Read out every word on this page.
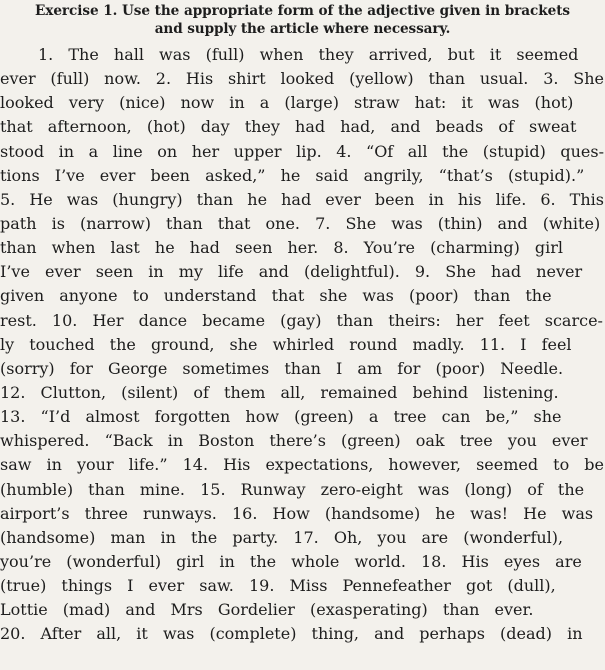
Exercise 1. Use the appropriate form of the adjective given in brackets
and supply the article where necessary.
1. The hall was (full) when they arrived, but it seemed
ever (full) now. 2. His shirt looked (yellow) than usual. 3. She
looked very (nice) now in a (large) straw hat: it was (hot)
that afternoon, (hot) day they had had, and beads of sweat
stood in a line on her upper lip. 4. “Of all the (stupid) ques-
tions I’ve ever been asked,” he said angrily, “that’s (stupid).”
5. He was (hungry) than he had ever been in his life. 6. This
path is (narrow) than that one. 7. She was (thin) and (white)
than when last he had seen her. 8. You’re (charming) girl
I’ve ever seen in my life and (delightful). 9. She had never
given anyone to understand that she was (poor) than the
rest. 10. Her dance became (gay) than theirs: her feet scarce-
ly touched the ground, she whirled round madly. 11. I feel
(sorry) for George sometimes than I am for (poor) Needle.
12. Clutton, (silent) of them all, remained behind listening.
13. “I’d almost forgotten how (green) a tree can be,” she
whispered. “Back in Boston there’s (green) oak tree you ever
saw in your life.” 14. His expectations, however, seemed to be
(humble) than mine. 15. Runway zero-eight was (long) of the
airport’s three runways. 16. How (handsome) he was! He was
(handsome) man in the party. 17. Oh, you are (wonderful),
you’re (wonderful) girl in the whole world. 18. His eyes are
(true) things I ever saw. 19. Miss Pennefeather got (dull),
Lottie (mad) and Mrs Gordelier (exasperating) than ever.
20. After all, it was (complete) thing, and perhaps (dead) in
